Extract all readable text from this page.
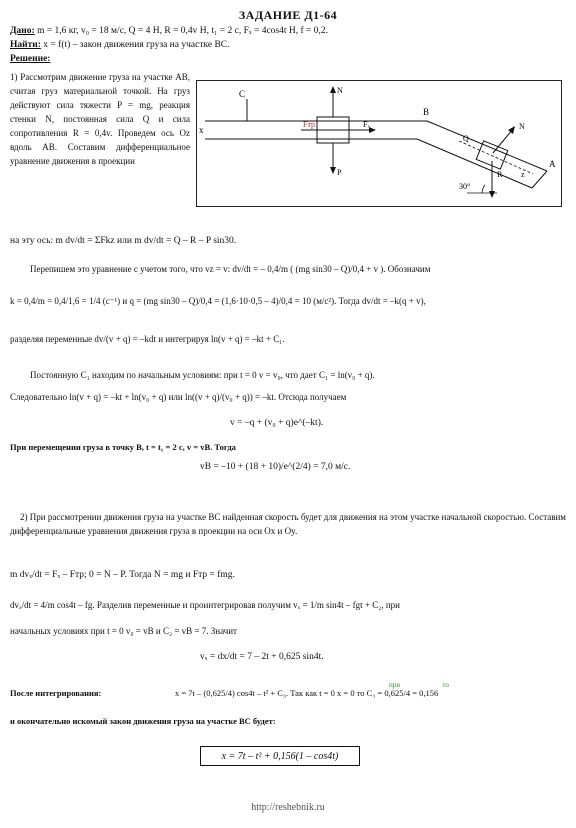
ЗАДАНИЕ Д1-64
Дано: m = 1,6 кг, v₀ = 18 м/с, Q = 4 Н, R = 0,4v Н, t₁ = 2 с, Fₓ = 4cos4t Н, f = 0,2.
Найти: x = f(t) – закон движения груза на участке BC.
Решение:
1) Рассмотрим движение груза на участке AB, считая груз материальной точкой. На груз действуют сила тяжести P = mg, реакция стенки N, постоянная сила Q и сила сопротивления R = 0,4v. Проведем ось Oz вдоль AB. Составим дифференциальное уравнение движения в проекции
C
B
A
x
N
P
Fₓ
Fтр
Q
R
N
z
30°
на эту ось: m dv/dt = ΣFkz или m dv/dt = Q – R – P sin30.
Перепишем это уравнение с учетом того, что vz = v: dv/dt = – 0,4/m ( (mg sin30 – Q)/0,4 + v ). Обозначим
k = 0,4/m = 0,4/1,6 = 1/4 (c⁻¹) и q = (mg sin30 – Q)/0,4 = (1,6·10·0,5 – 4)/0,4 = 10 (м/с²). Тогда dv/dt = –k(q + v),
разделяя переменные dv/(v + q) = –kdt и интегрируя ln(v + q) = –kt + C₁.
Постоянную C₁ находим по начальным условиям: при t = 0 v = v₀, что дает C₁ = ln(v₀ + q).
Следовательно ln(v + q) = –kt + ln(v₀ + q) или ln((v + q)/(v₀ + q)) = –kt. Отсюда получаем
v = –q + (v₀ + q)e^(–kt).
При перемещении груза в точку B, t = t₁ = 2 c, v = vB. Тогда
vB = –10 + (18 + 10)/e^(2/4) = 7,0 м/с.
2) При рассмотрении движения груза на участке BC найденная скорость будет для движения на этом участке начальной скоростью. Составим дифференциальные уравнения движения груза в проекции на оси Ox и Oy.
m dvₓ/dt = Fₓ – Fтр; 0 = N – P. Тогда N = mg и Fтр = fmg.
dvₓ/dt = 4/m cos4t – fg. Разделив переменные и проинтегрировав получим vₓ = 1/m sin4t – fgt + C₂, при
начальных условиях при t = 0 v₀ = vB и C₂ = vB = 7. Значит
vₓ = dx/dt = 7 – 2t + 0,625 sin4t.
После интегрирования:	x = 7t – (0,625/4) cos4t – t² + C₃. Так как t = 0 x = 0 то C₃ = 0,625/4 = 0,156
при	то
и окончательно искомый закон движения груза на участке BC будет:
x = 7t – t² + 0,156(1 – cos4t)
http://reshebnik.ru
